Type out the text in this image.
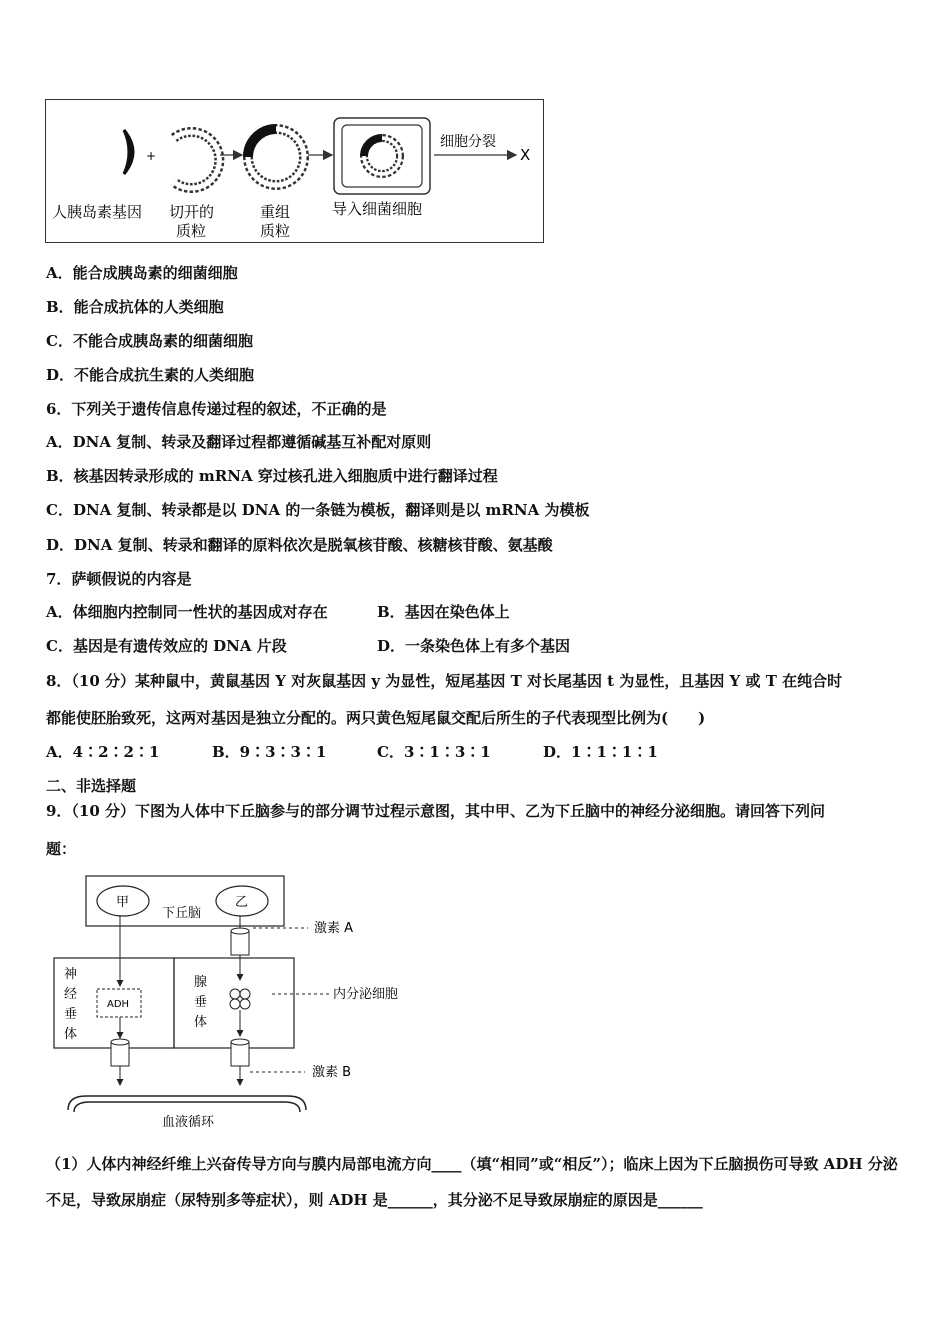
+
细胞分裂
X
人胰岛素基因 切开的
质粒
重组
质粒
导入细菌细胞
A．能合成胰岛素的细菌细胞
B．能合成抗体的人类细胞
C．不能合成胰岛素的细菌细胞
D．不能合成抗生素的人类细胞
6．下列关于遗传信息传递过程的叙述，不正确的是
A．DNA 复制、转录及翻译过程都遵循碱基互补配对原则
B．核基因转录形成的 mRNA 穿过核孔进入细胞质中进行翻译过程
C．DNA 复制、转录都是以 DNA 的一条链为模板，翻译则是以 mRNA 为模板
D．DNA 复制、转录和翻译的原料依次是脱氧核苷酸、核糖核苷酸、氨基酸
7．萨顿假说的内容是
A．体细胞内控制同一性状的基因成对存在	B．基因在染色体上
C．基因是有遗传效应的 DNA 片段	D．一条染色体上有多个基因
8．（10 分）某种鼠中，黄鼠基因 Y 对灰鼠基因 y 为显性，短尾基因 T 对长尾基因 t 为显性，且基因 Y 或 T 在纯合时
都能使胚胎致死，这两对基因是独立分配的。两只黄色短尾鼠交配后所生的子代表现型比例为(　　)
A．4∶2∶2∶1	B．9∶3∶3∶1	C．3∶1∶3∶1	D．1∶1∶1∶1
二、非选择题
9．（10 分）下图为人体中下丘脑参与的部分调节过程示意图，其中甲、乙为下丘脑中的神经分泌细胞。请回答下列问
题：
甲	乙
下丘脑
激素 A
神
经
垂
体
腺
垂
体
ADH
内分泌细胞
激素 B
血液循环
（1）人体内神经纤维上兴奋传导方向与膜内局部电流方向____（填“相同”或“相反”）；临床上因为下丘脑损伤可导致 ADH 分泌不足，导致尿崩症（尿特别多等症状），则 ADH 是______，其分泌不足导致尿崩症的原因是______
